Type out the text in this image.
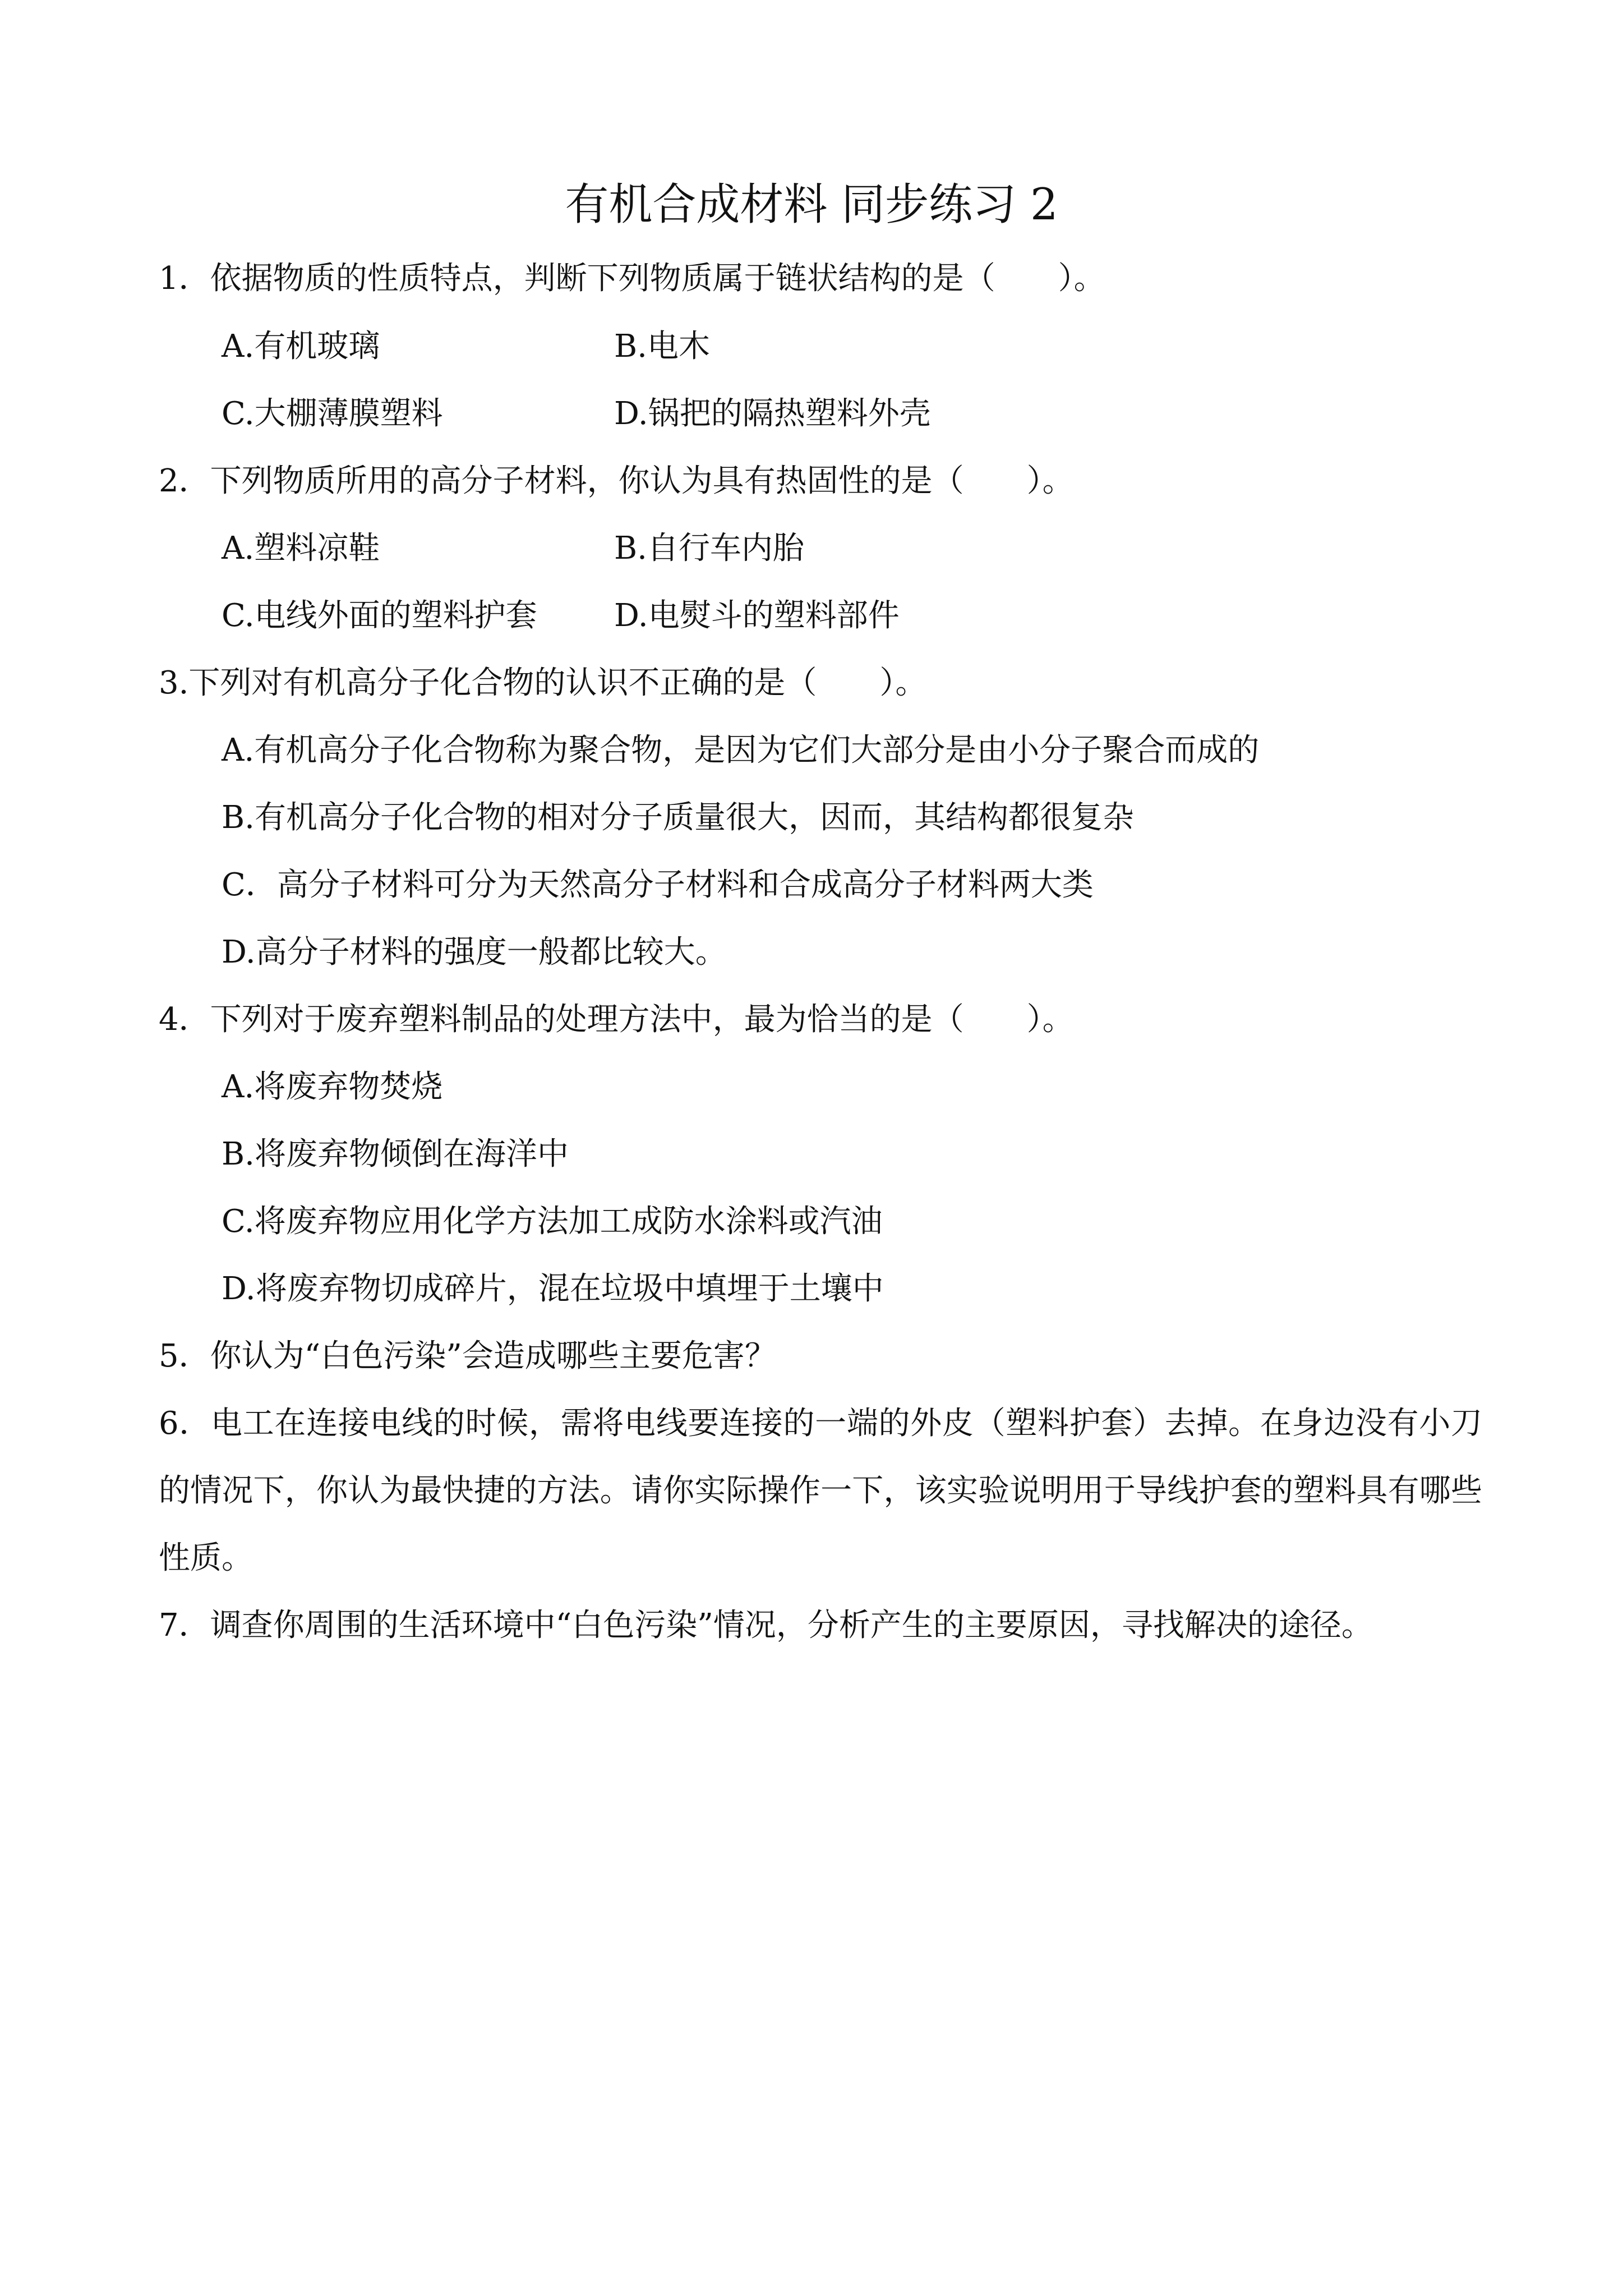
有机合成材料 同步练习 2
1．依据物质的性质特点，判断下列物质属于链状结构的是（　　）。
A.有机玻璃	B.电木
C.大棚薄膜塑料	D.锅把的隔热塑料外壳
2．下列物质所用的高分子材料，你认为具有热固性的是（　　）。
A.塑料凉鞋	B.自行车内胎
C.电线外面的塑料护套 D.电熨斗的塑料部件
3.下列对有机高分子化合物的认识不正确的是（　　）。
A.有机高分子化合物称为聚合物，是因为它们大部分是由小分子聚合而成的
B.有机高分子化合物的相对分子质量很大，因而，其结构都很复杂
C．高分子材料可分为天然高分子材料和合成高分子材料两大类
D.高分子材料的强度一般都比较大。
4．下列对于废弃塑料制品的处理方法中，最为恰当的是（　　）。
A.将废弃物焚烧
B.将废弃物倾倒在海洋中
C.将废弃物应用化学方法加工成防水涂料或汽油
D.将废弃物切成碎片，混在垃圾中填埋于土壤中
5．你认为“白色污染”会造成哪些主要危害？
6．电工在连接电线的时候，需将电线要连接的一端的外皮（塑料护套）去掉。在身边没有小刀的情况下，你认为最快捷的方法。请你实际操作一下，该实验说明用于导线护套的塑料具有哪些性质。
7．调查你周围的生活环境中“白色污染”情况，分析产生的主要原因，寻找解决的途径。
